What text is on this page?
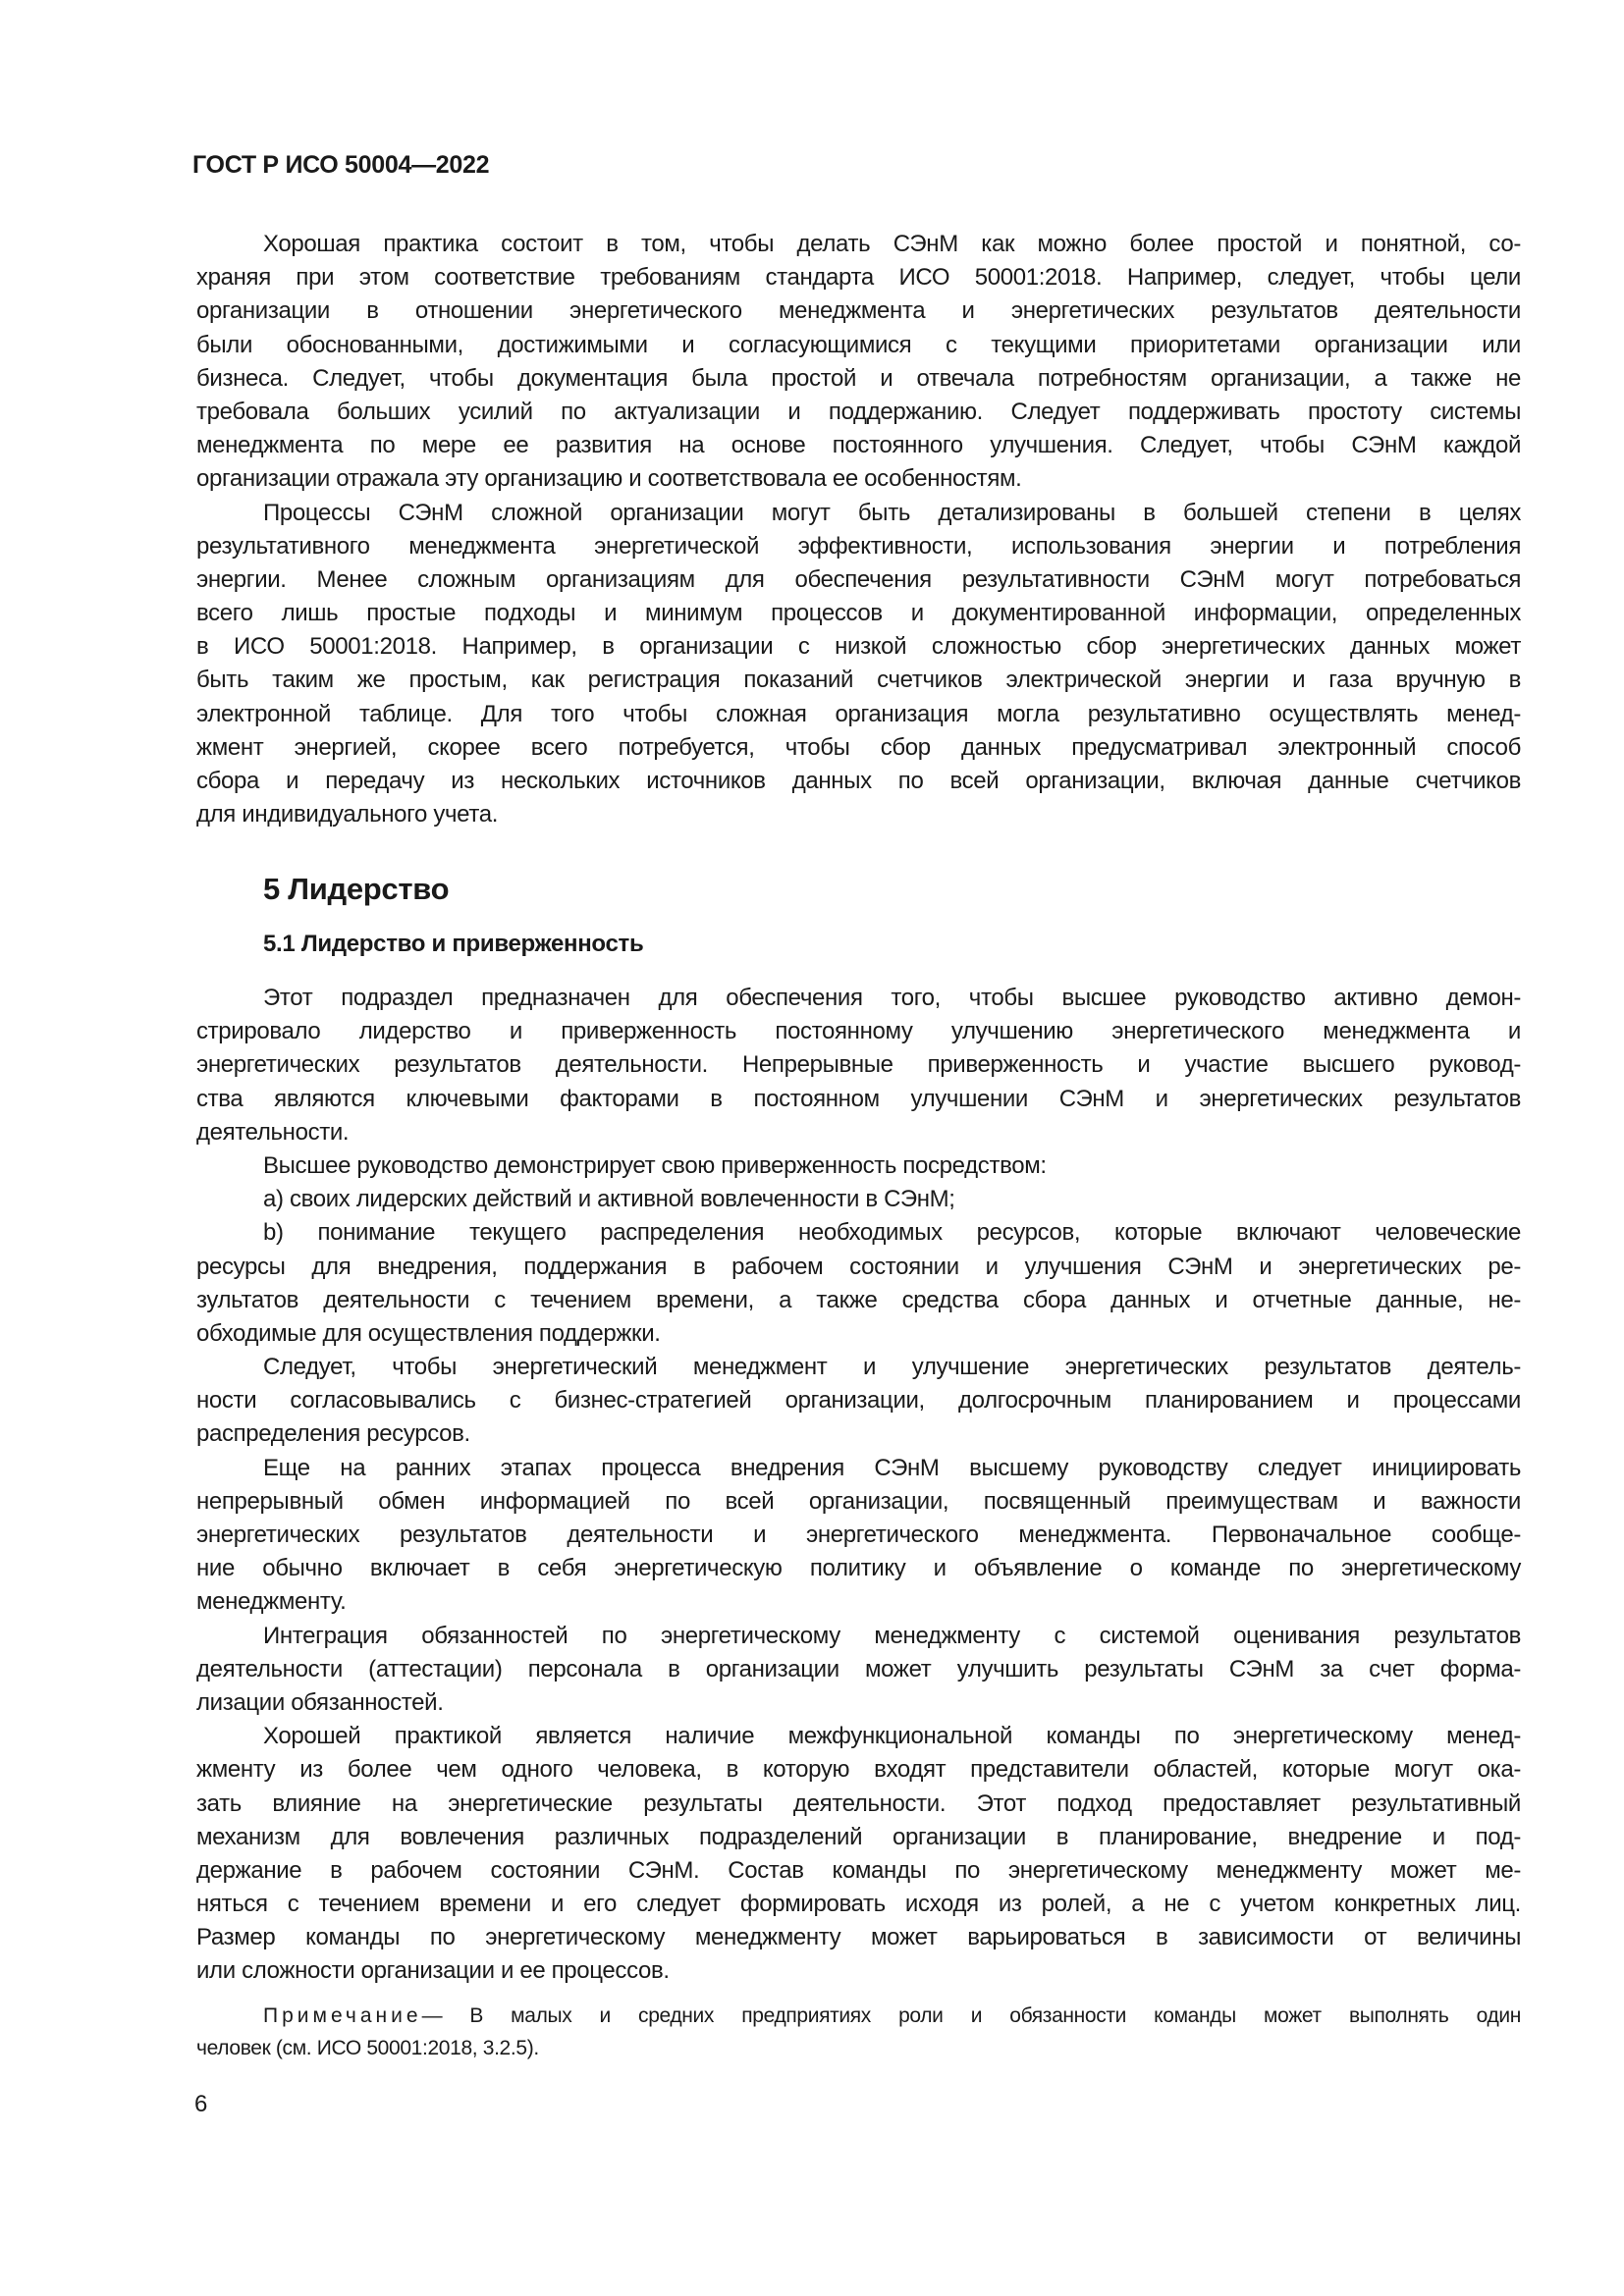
ГОСТ Р ИСО 50004—2022
Хорошая практика состоит в том, чтобы делать СЭнМ как можно более простой и понятной, со-
храняя при этом соответствие требованиям стандарта ИСО 50001:2018. Например, следует, чтобы цели
организации в отношении энергетического менеджмента и энергетических результатов деятельности
были обоснованными, достижимыми и согласующимися с текущими приоритетами организации или
бизнеса. Следует, чтобы документация была простой и отвечала потребностям организации, а также не
требовала больших усилий по актуализации и поддержанию. Следует поддерживать простоту системы
менеджмента по мере ее развития на основе постоянного улучшения. Следует, чтобы СЭнМ каждой
организации отражала эту организацию и соответствовала ее особенностям.
Процессы СЭнМ сложной организации могут быть детализированы в большей степени в целях
результативного менеджмента энергетической эффективности, использования энергии и потребления
энергии. Менее сложным организациям для обеспечения результативности СЭнМ могут потребоваться
всего лишь простые подходы и минимум процессов и документированной информации, определенных
в ИСО 50001:2018. Например, в организации с низкой сложностью сбор энергетических данных может
быть таким же простым, как регистрация показаний счетчиков электрической энергии и газа вручную в
электронной таблице. Для того чтобы сложная организация могла результативно осуществлять менед-
жмент энергией, скорее всего потребуется, чтобы сбор данных предусматривал электронный способ
сбора и передачу из нескольких источников данных по всей организации, включая данные счетчиков
для индивидуального учета.
5 Лидерство
5.1 Лидерство и приверженность
Этот подраздел предназначен для обеспечения того, чтобы высшее руководство активно демон-
стрировало лидерство и приверженность постоянному улучшению энергетического менеджмента и
энергетических результатов деятельности. Непрерывные приверженность и участие высшего руковод-
ства являются ключевыми факторами в постоянном улучшении СЭнМ и энергетических результатов
деятельности.
Высшее руководство демонстрирует свою приверженность посредством:
а) своих лидерских действий и активной вовлеченности в СЭнМ;
b) понимание текущего распределения необходимых ресурсов, которые включают человеческие
ресурсы для внедрения, поддержания в рабочем состоянии и улучшения СЭнМ и энергетических ре-
зультатов деятельности с течением времени, а также средства сбора данных и отчетные данные, не-
обходимые для осуществления поддержки.
Следует, чтобы энергетический менеджмент и улучшение энергетических результатов деятель-
ности согласовывались с бизнес-стратегией организации, долгосрочным планированием и процессами
распределения ресурсов.
Еще на ранних этапах процесса внедрения СЭнМ высшему руководству следует инициировать
непрерывный обмен информацией по всей организации, посвященный преимуществам и важности
энергетических результатов деятельности и энергетического менеджмента. Первоначальное сообще-
ние обычно включает в себя энергетическую политику и объявление о команде по энергетическому
менеджменту.
Интеграция обязанностей по энергетическому менеджменту с системой оценивания результатов
деятельности (аттестации) персонала в организации может улучшить результаты СЭнМ за счет форма-
лизации обязанностей.
Хорошей практикой является наличие межфункциональной команды по энергетическому менед-
жменту из более чем одного человека, в которую входят представители областей, которые могут ока-
зать влияние на энергетические результаты деятельности. Этот подход предоставляет результативный
механизм для вовлечения различных подразделений организации в планирование, внедрение и под-
держание в рабочем состоянии СЭнМ. Состав команды по энергетическому менеджменту может ме-
няться с течением времени и его следует формировать исходя из ролей, а не с учетом конкретных лиц.
Размер команды по энергетическому менеджменту может варьироваться в зависимости от величины
или сложности организации и ее процессов.
Примечание— В малых и средних предприятиях роли и обязанности команды может выполнять один
человек (см. ИСО 50001:2018, 3.2.5).
6
